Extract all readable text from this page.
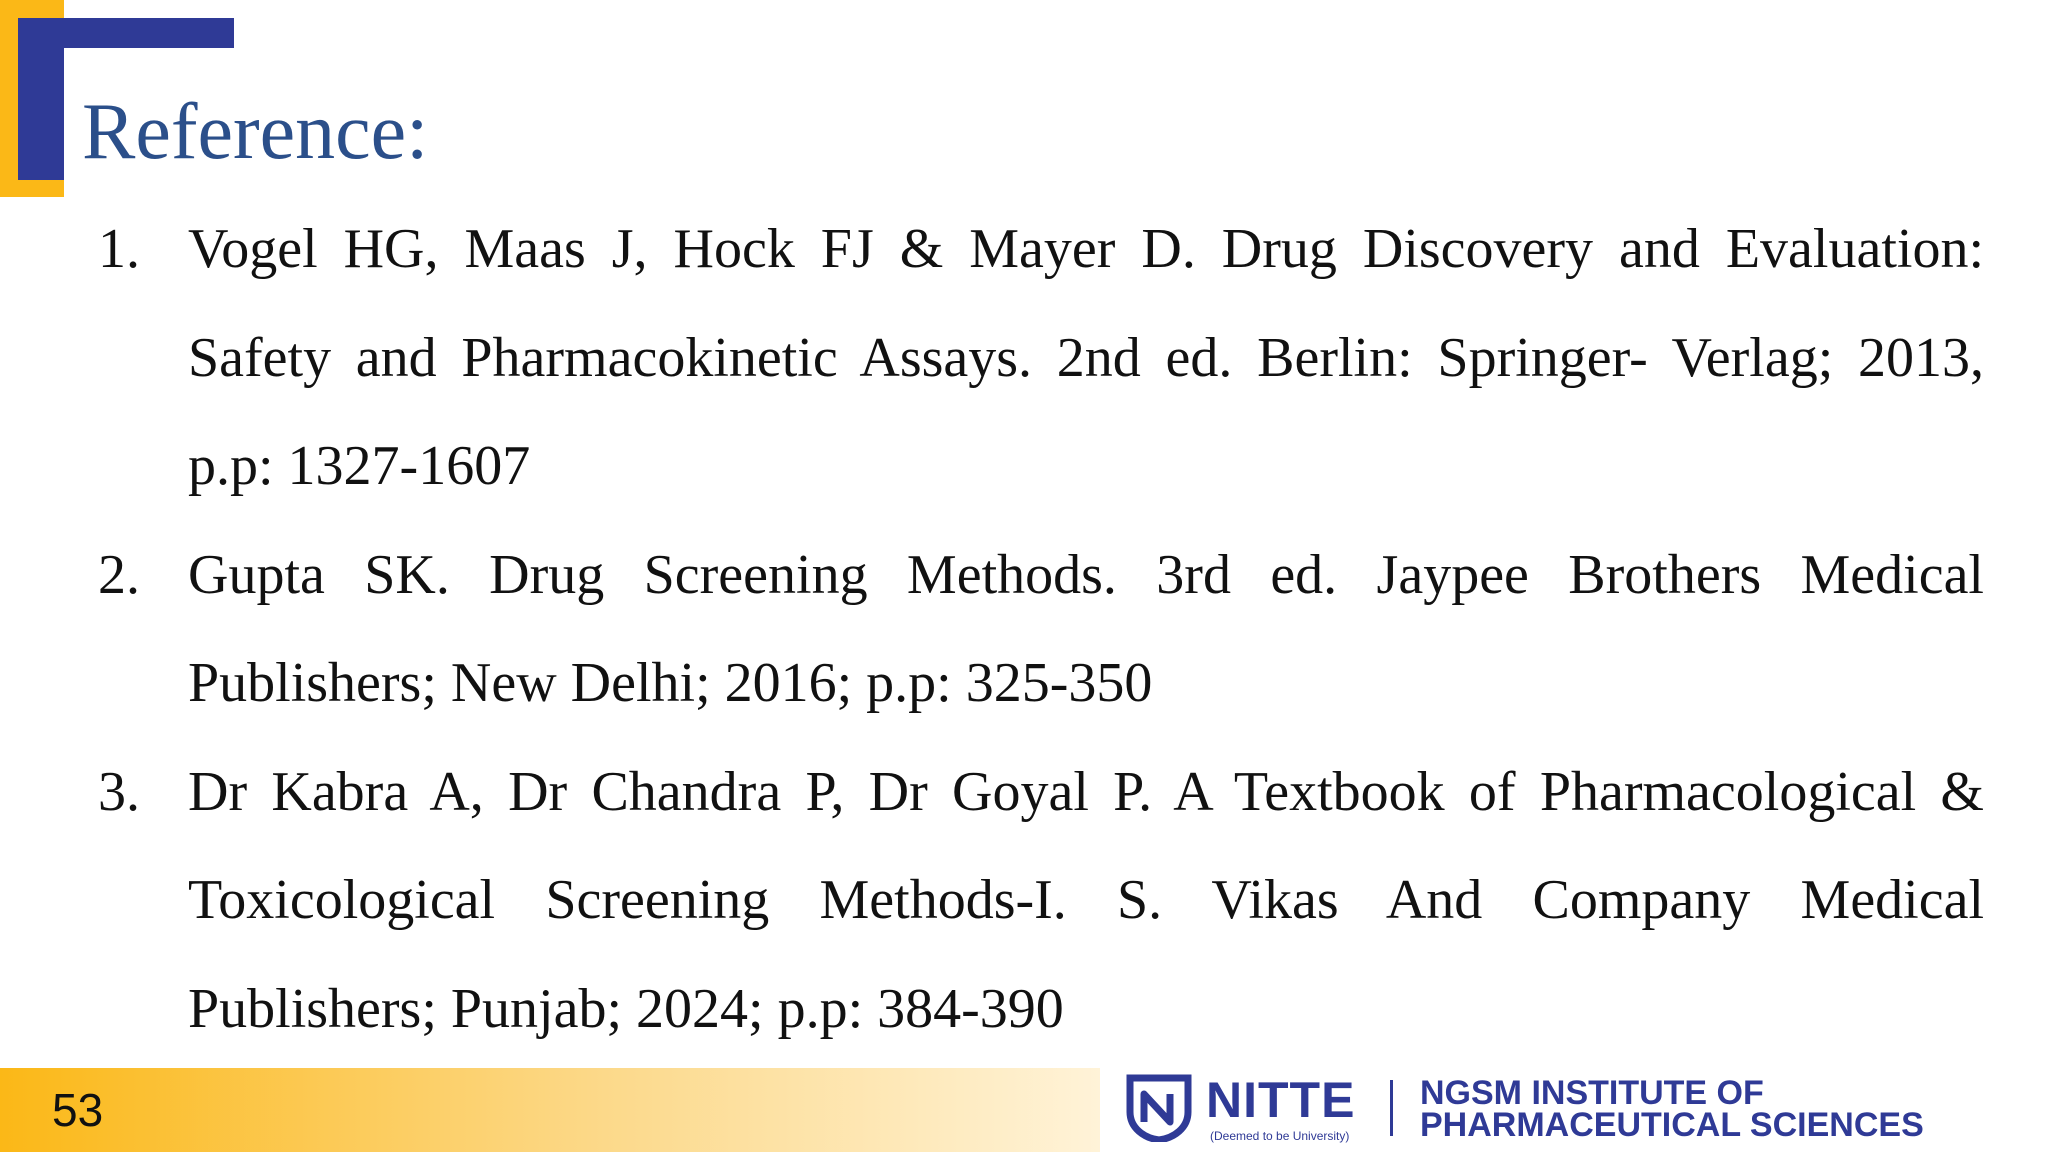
Reference:
1. Vogel HG, Maas J, Hock FJ & Mayer D. Drug Discovery and Evaluation: Safety and Pharmacokinetic Assays. 2nd ed. Berlin: Springer- Verlag; 2013, p.p: 1327-1607
2. Gupta SK. Drug Screening Methods. 3rd ed. Jaypee Brothers Medical Publishers; New Delhi; 2016; p.p: 325-350
3. Dr Kabra A, Dr Chandra P, Dr Goyal P. A Textbook of Pharmacological & Toxicological Screening Methods-I. S. Vikas And Company Medical Publishers; Punjab; 2024; p.p: 384-390
53	NITTE
(Deemed to be University)
NGSM INSTITUTE OF
PHARMACEUTICAL SCIENCES
